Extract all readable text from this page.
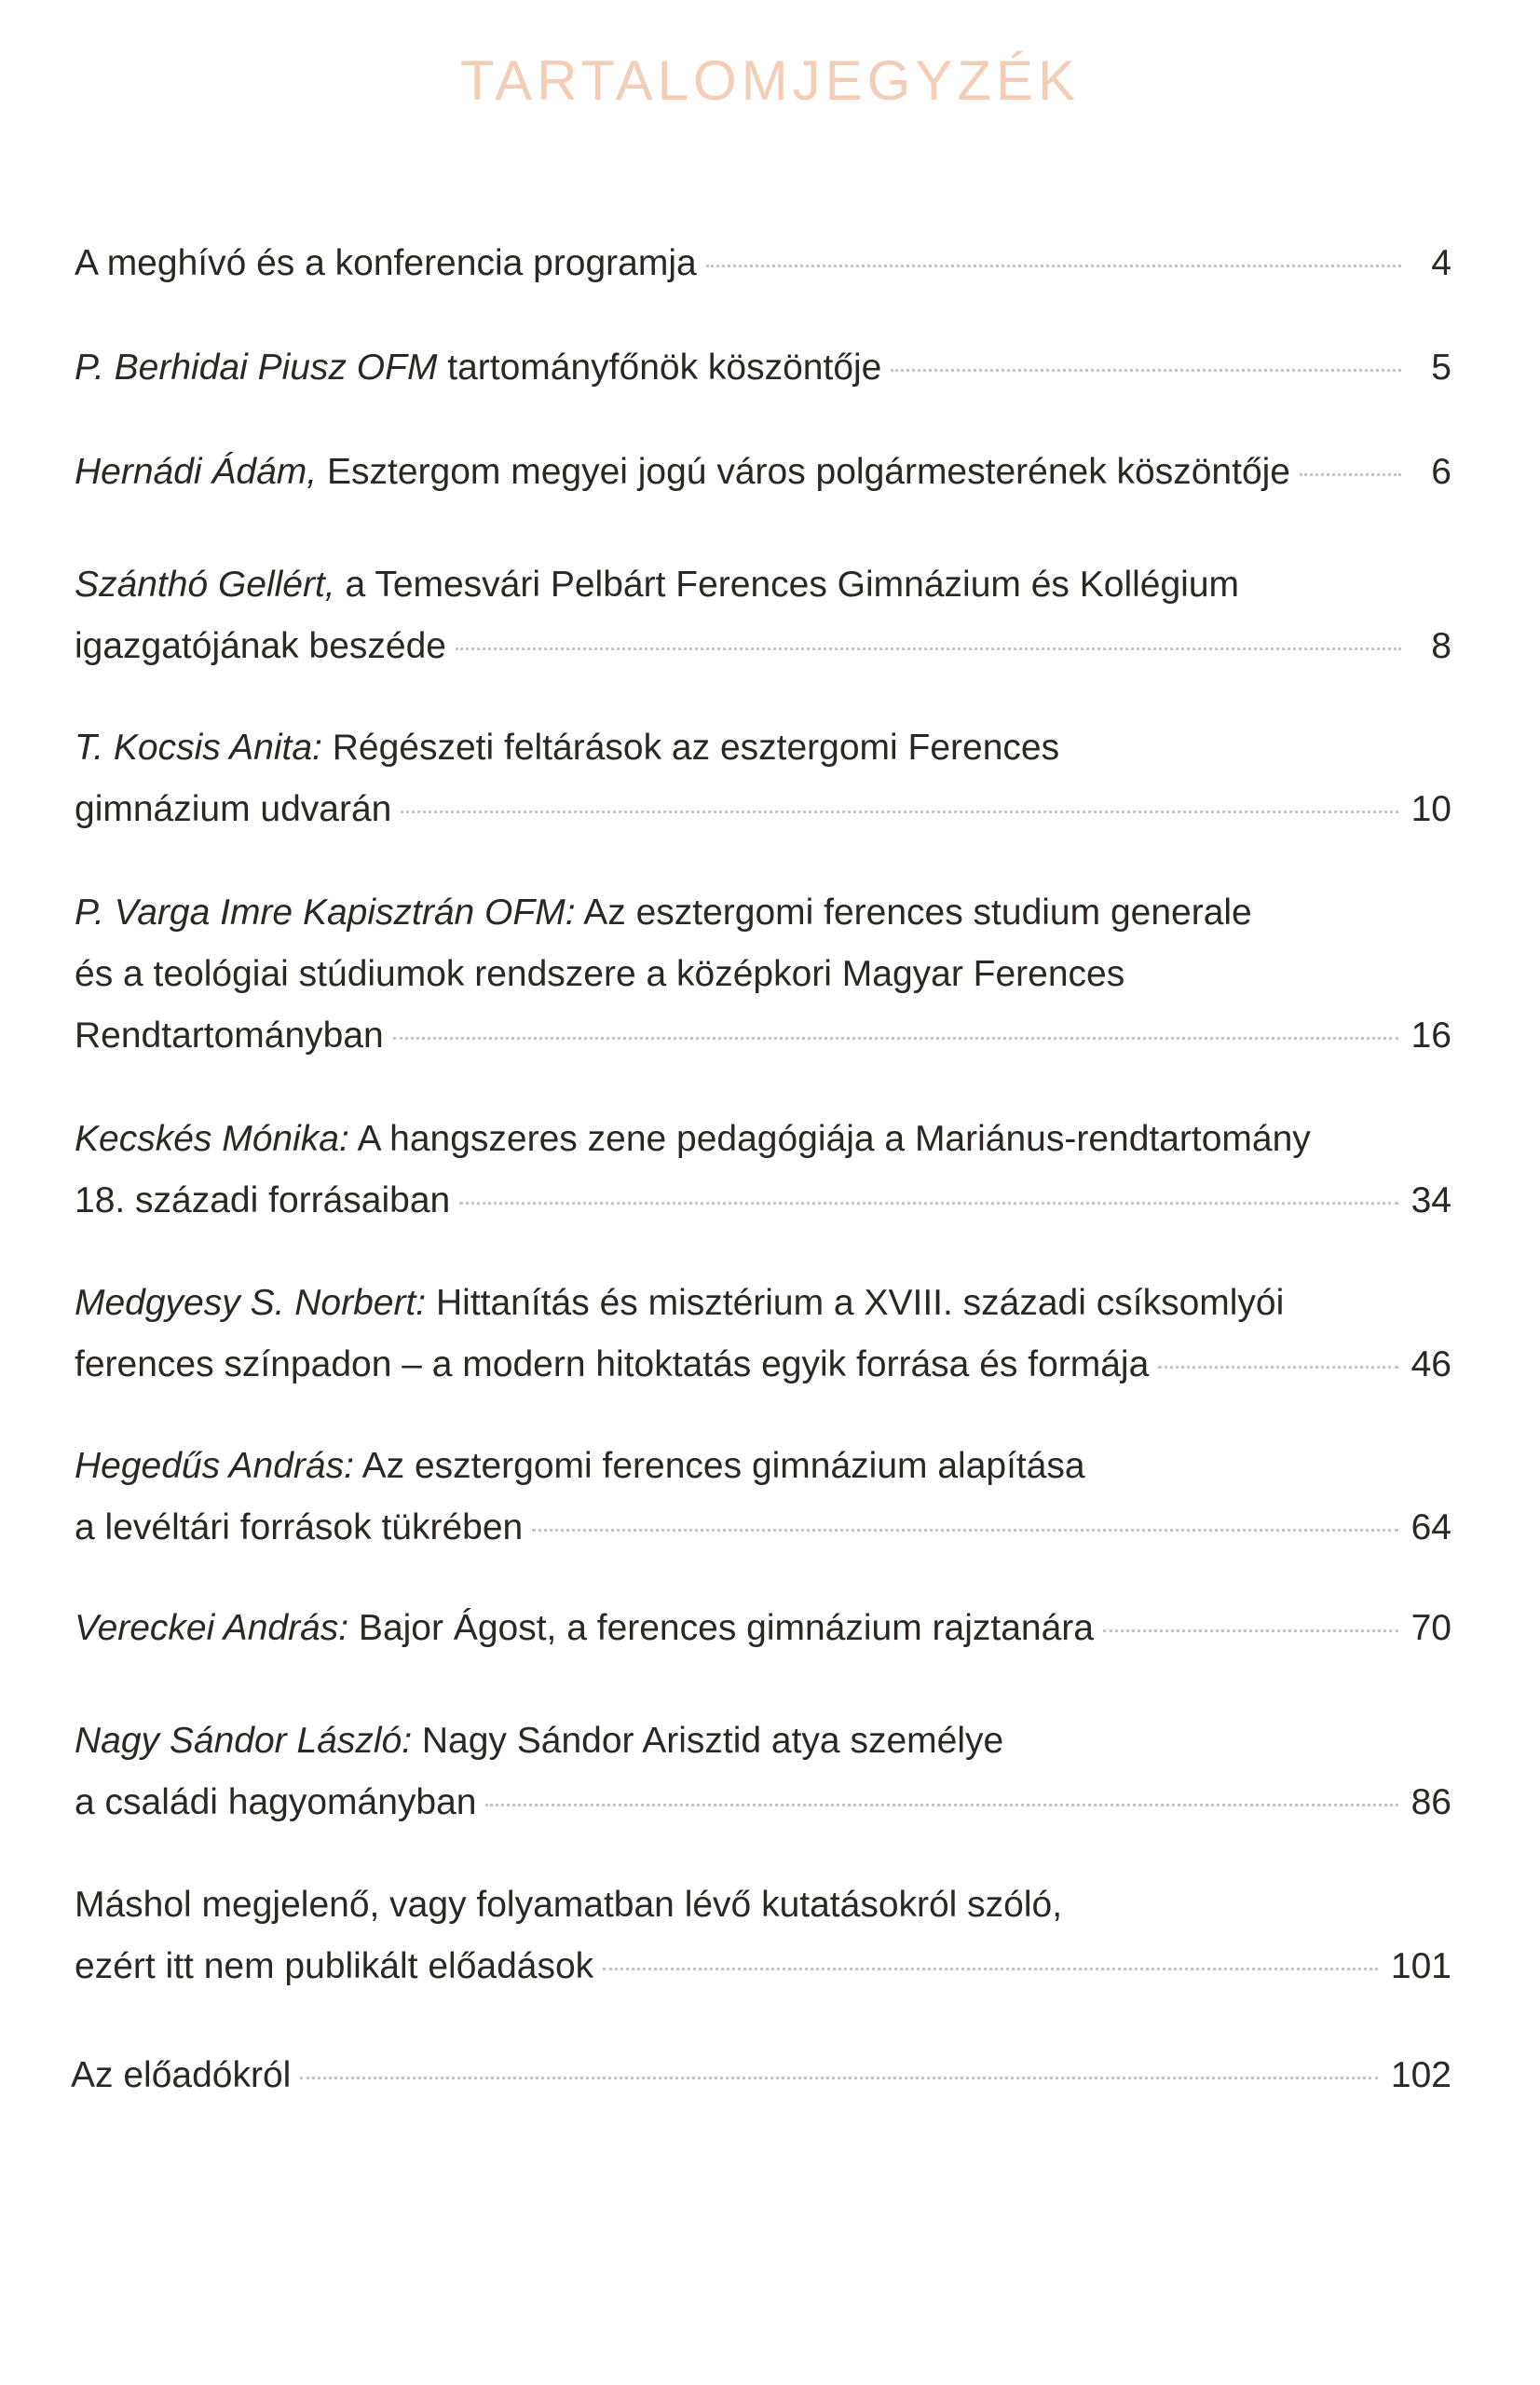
TARTALOMJEGYZÉK
A meghívó és a konferencia programja	4
P. Berhidai Piusz OFM tartományfőnök köszöntője	5
Hernádi Ádám, Esztergom megyei jogú város polgármesterének köszöntője	6
Szánthó Gellért, a Temesvári Pelbárt Ferences Gimnázium és Kollégium
igazgatójának beszéde	8
T. Kocsis Anita: Régészeti feltárások az esztergomi Ferences
gimnázium udvarán	10
P. Varga Imre Kapisztrán OFM: Az esztergomi ferences studium generale
és a teológiai stúdiumok rendszere a középkori Magyar Ferences
Rendtartományban	16
Kecskés Mónika: A hangszeres zene pedagógiája a Mariánus-rendtartomány
18. századi forrásaiban	34
Medgyesy S. Norbert: Hittanítás és misztérium a XVIII. századi csíksomlyói
ferences színpadon – a modern hitoktatás egyik forrása és formája	46
Hegedűs András: Az esztergomi ferences gimnázium alapítása
a levéltári források tükrében	64
Vereckei András: Bajor Ágost, a ferences gimnázium rajztanára	70
Nagy Sándor László: Nagy Sándor Arisztid atya személye
a családi hagyományban	86
Máshol megjelenő, vagy folyamatban lévő kutatásokról szóló,
ezért itt nem publikált előadások	101
Az előadókról	102
